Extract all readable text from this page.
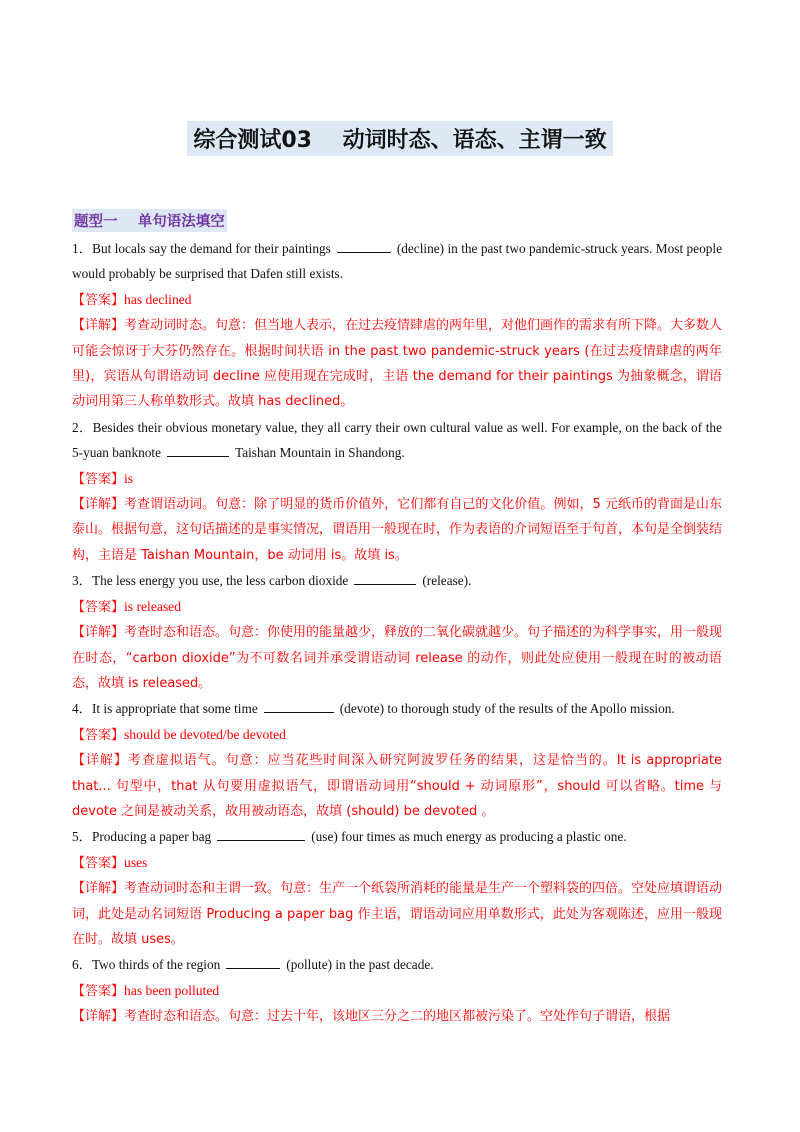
综合测试03    动词时态、语态、主谓一致
题型一    单句语法填空

1．But locals say the demand for their paintings	(decline) in the past two pandemic-struck years. Most people would probably be surprised that Dafen still exists.

【答案】has declined

【详解】考查动词时态。句意：但当地人表示，在过去疫情肆虐的两年里，对他们画作的需求有所下降。大多数人可能会惊讶于大芬仍然存在。根据时间状语 in the past two pandemic-struck years (在过去疫情肆虐的两年里)，宾语从句谓语动词 decline 应使用现在完成时，主语 the demand for their paintings 为抽象概念，谓语动词用第三人称单数形式。故填 has declined。

2．Besides their obvious monetary value, they all carry their own cultural value as well. For example, on the back of the 5-yuan banknote	Taishan Mountain in Shandong.

【答案】is

【详解】考查谓语动词。句意：除了明显的货币价值外，它们都有自己的文化价值。例如，5 元纸币的背面是山东泰山。根据句意，这句话描述的是事实情况，谓语用一般现在时，作为表语的介词短语至于句首，本句是全倒装结构，主语是 Taishan Mountain，be 动词用 is。故填 is。

3．The less energy you use, the less carbon dioxide	(release).

【答案】is released

【详解】考查时态和语态。句意：你使用的能量越少，释放的二氧化碳就越少。句子描述的为科学事实，用一般现在时态，“carbon dioxide”为不可数名词并承受谓语动词 release 的动作，则此处应使用一般现在时的被动语态，故填 is released。

4．It is appropriate that some time	(devote) to thorough study of the results of the Apollo mission.

【答案】should be devoted/be devoted

【详解】考查虚拟语气。句意：应当花些时间深入研究阿波罗任务的结果，这是恰当的。It is appropriate that... 句型中，that 从句要用虚拟语气，即谓语动词用“should + 动词原形”，should 可以省略。time 与 devote 之间是被动关系，故用被动语态，故填 (should) be devoted 。

5．Producing a paper bag	(use) four times as much energy as producing a plastic one.

【答案】uses

【详解】考查动词时态和主谓一致。句意：生产一个纸袋所消耗的能量是生产一个塑料袋的四倍。空处应填谓语动词，此处是动名词短语 Producing a paper bag 作主语，谓语动词应用单数形式，此处为客观陈述，应用一般现在时。故填 uses。

6．Two thirds of the region	(pollute) in the past decade.

【答案】has been polluted

【详解】考查时态和语态。句意：过去十年，该地区三分之二的地区都被污染了。空处作句子谓语，根据
